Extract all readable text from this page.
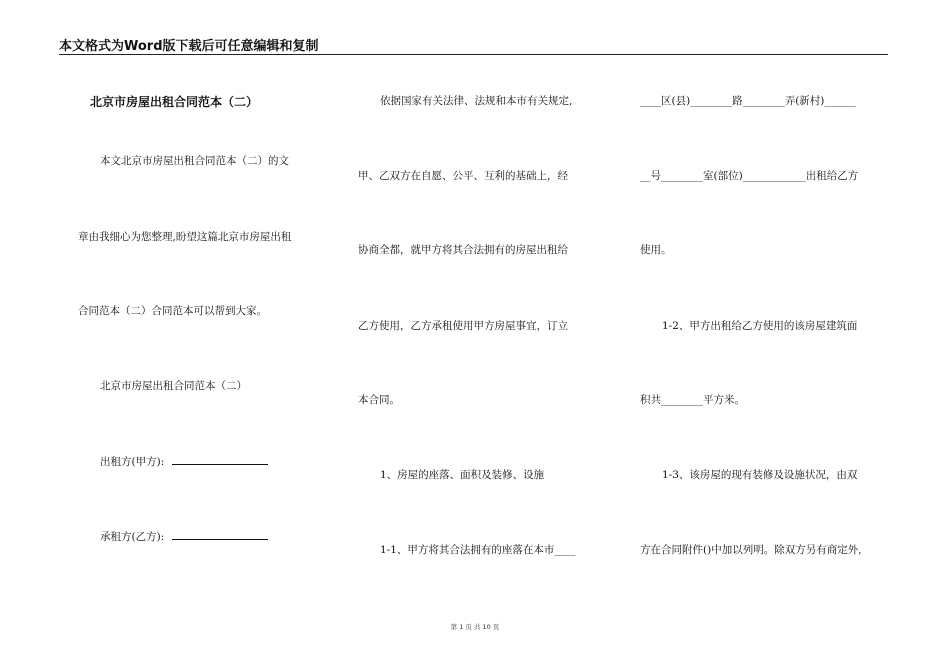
本文格式为Word版下载后可任意编辑和复制
北京市房屋出租合同范本（二）
本文北京市房屋出租合同范本（二）的文
章由我细心为您整理,盼望这篇北京市房屋出租
合同范本（二）合同范本可以帮到大家。
北京市房屋出租合同范本（二）
出租方(甲方):
承租方(乙方):
依据国家有关法律、法规和本市有关规定,
甲、乙双方在自愿、公平、互利的基础上，经
协商全都，就甲方将其合法拥有的房屋出租给
乙方使用，乙方承租使用甲方房屋事宜，订立
本合同。
1、房屋的座落、面积及装修、设施
1-1、甲方将其合法拥有的座落在本市____
____区(县)________路________弄(新村)______
__号________室(部位)____________出租给乙方
使用。
1-2、甲方出租给乙方使用的该房屋建筑面
积共________平方米。
1-3、该房屋的现有装修及设施状况，由双
方在合同附件()中加以列明。除双方另有商定外,
第 1 页 共 10 页
